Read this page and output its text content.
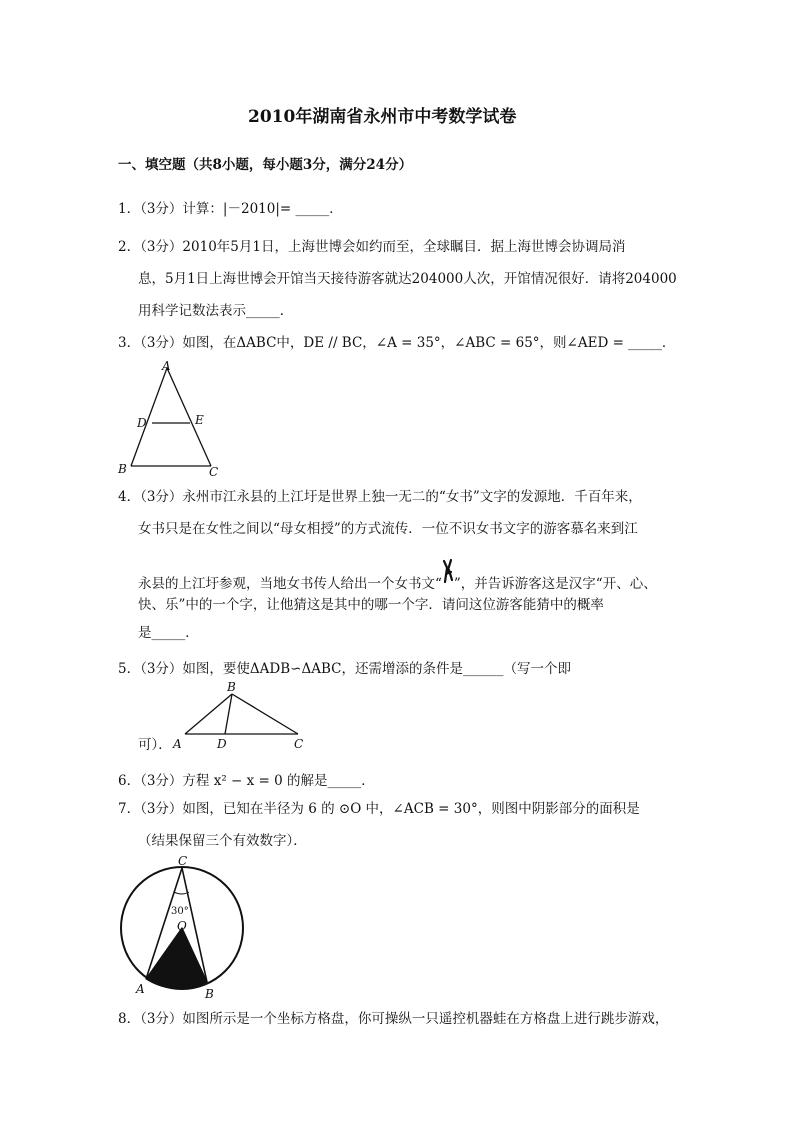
2010年湖南省永州市中考数学试卷
一、填空题（共8小题，每小题3分，满分24分）
1．（3分）计算：|－2010|= _____．
2．（3分）2010年5月1日，上海世博会如约而至，全球瞩目．据上海世博会协调局消
息，5月1日上海世博会开馆当天接待游客就达204000人次，开馆情况很好．请将204000
用科学记数法表示_____．
3．（3分）如图，在ΔABC中，DE // BC，∠A = 35°，∠ABC = 65°，则∠AED = _____．
A
D	E
B	C
4．（3分）永州市江永县的上江圩是世界上独一无二的“女书”文字的发源地．千百年来，
女书只是在女性之间以“母女相授”的方式流传．一位不识女书文字的游客慕名来到江
永县的上江圩参观，当地女书传人给出一个女书文“ ”，并告诉游客这是汉字“开、心、
快、乐”中的一个字，让他猜这是其中的哪一个字．请问这位游客能猜中的概率
是_____．
5．（3分）如图，要使ΔADB∽ΔABC，还需增添的条件是______（写一个即
B
A	D	C
可）．
6．（3分）方程 x² − x = 0 的解是_____．
7．（3分）如图，已知在半径为 6 的 ⊙O 中，∠ACB = 30°，则图中阴影部分的面积是
（结果保留三个有效数字）．
C
30°
O
A	B
8．（3分）如图所示是一个坐标方格盘，你可操纵一只遥控机器蛙在方格盘上进行跳步游戏，
